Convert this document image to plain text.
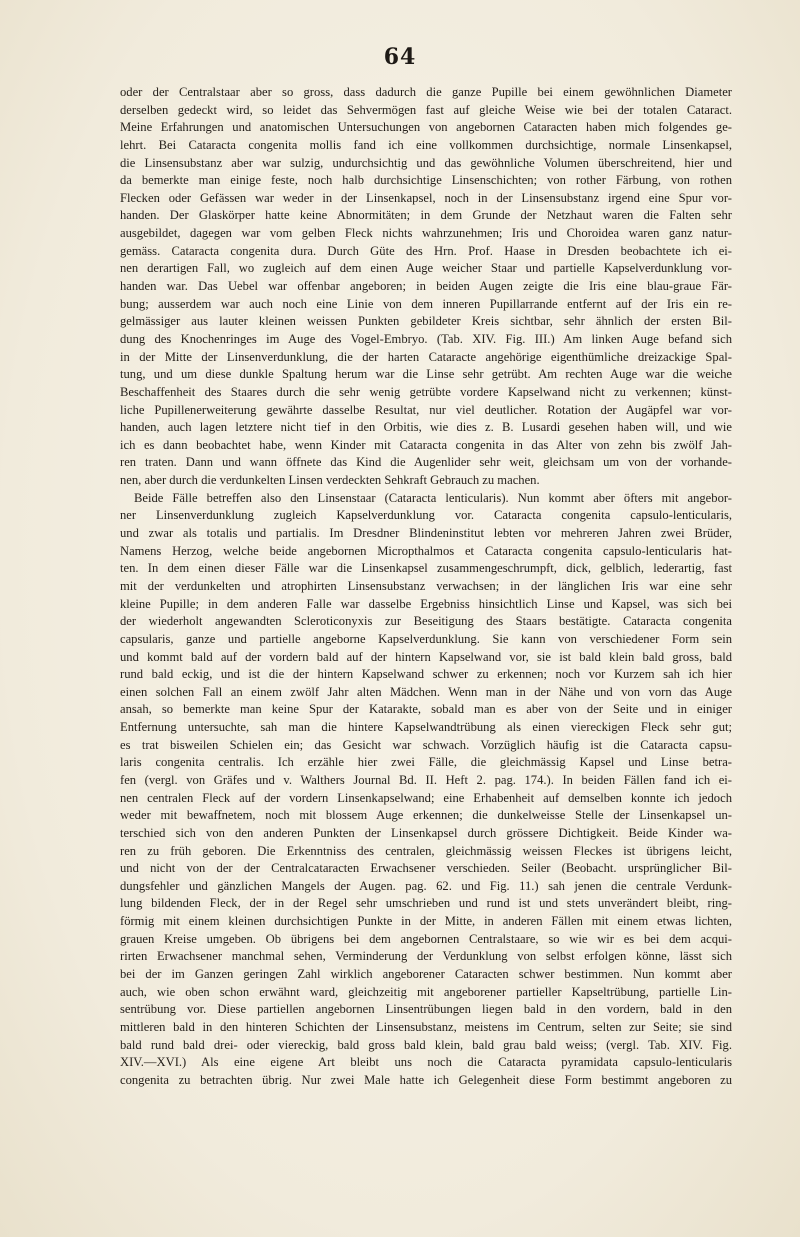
64
oder der Centralstaar aber so gross, dass dadurch die ganze Pupille bei einem gewöhnlichen Diameter
derselben gedeckt wird, so leidet das Sehvermögen fast auf gleiche Weise wie bei der totalen Cataract.
Meine Erfahrungen und anatomischen Untersuchungen von angebornen Cataracten haben mich folgendes ge-
lehrt. Bei Cataracta congenita mollis fand ich eine vollkommen durchsichtige, normale Linsenkapsel,
die Linsensubstanz aber war sulzig, undurchsichtig und das gewöhnliche Volumen überschreitend, hier und
da bemerkte man einige feste, noch halb durchsichtige Linsenschichten; von rother Färbung, von rothen
Flecken oder Gefässen war weder in der Linsenkapsel, noch in der Linsensubstanz irgend eine Spur vor-
handen. Der Glaskörper hatte keine Abnormitäten; in dem Grunde der Netzhaut waren die Falten sehr
ausgebildet, dagegen war vom gelben Fleck nichts wahrzunehmen; Iris und Choroidea waren ganz natur-
gemäss. Cataracta congenita dura. Durch Güte des Hrn. Prof. Haase in Dresden beobachtete ich ei-
nen derartigen Fall, wo zugleich auf dem einen Auge weicher Staar und partielle Kapselverdunklung vor-
handen war. Das Uebel war offenbar angeboren; in beiden Augen zeigte die Iris eine blau-graue Fär-
bung; ausserdem war auch noch eine Linie von dem inneren Pupillarrande entfernt auf der Iris ein re-
gelmässiger aus lauter kleinen weissen Punkten gebildeter Kreis sichtbar, sehr ähnlich der ersten Bil-
dung des Knochenringes im Auge des Vogel-Embryo. (Tab. XIV. Fig. III.) Am linken Auge befand sich
in der Mitte der Linsenverdunklung, die der harten Cataracte angehörige eigenthümliche dreizackige Spal-
tung, und um diese dunkle Spaltung herum war die Linse sehr getrübt. Am rechten Auge war die weiche
Beschaffenheit des Staares durch die sehr wenig getrübte vordere Kapselwand nicht zu verkennen; künst-
liche Pupillenerweiterung gewährte dasselbe Resultat, nur viel deutlicher. Rotation der Augäpfel war vor-
handen, auch lagen letztere nicht tief in den Orbitis, wie dies z. B. Lusardi gesehen haben will, und wie
ich es dann beobachtet habe, wenn Kinder mit Cataracta congenita in das Alter von zehn bis zwölf Jah-
ren traten. Dann und wann öffnete das Kind die Augenlider sehr weit, gleichsam um von der vorhande-
nen, aber durch die verdunkelten Linsen verdeckten Sehkraft Gebrauch zu machen.
Beide Fälle betreffen also den Linsenstaar (Cataracta lenticularis). Nun kommt aber öfters mit angebor-
ner Linsenverdunklung zugleich Kapselverdunklung vor. Cataracta congenita capsulo-lenticularis,
und zwar als totalis und partialis. Im Dresdner Blindeninstitut lebten vor mehreren Jahren zwei Brüder,
Namens Herzog, welche beide angebornen Micropthalmos et Cataracta congenita capsulo-lenticularis hat-
ten. In dem einen dieser Fälle war die Linsenkapsel zusammengeschrumpft, dick, gelblich, lederartig, fast
mit der verdunkelten und atrophirten Linsensubstanz verwachsen; in der länglichen Iris war eine sehr
kleine Pupille; in dem anderen Falle war dasselbe Ergebniss hinsichtlich Linse und Kapsel, was sich bei
der wiederholt angewandten Scleroticonyxis zur Beseitigung des Staars bestätigte. Cataracta congenita
capsularis, ganze und partielle angeborne Kapselverdunklung. Sie kann von verschiedener Form sein
und kommt bald auf der vordern bald auf der hintern Kapselwand vor, sie ist bald klein bald gross, bald
rund bald eckig, und ist die der hintern Kapselwand schwer zu erkennen; noch vor Kurzem sah ich hier
einen solchen Fall an einem zwölf Jahr alten Mädchen. Wenn man in der Nähe und von vorn das Auge
ansah, so bemerkte man keine Spur der Katarakte, sobald man es aber von der Seite und in einiger
Entfernung untersuchte, sah man die hintere Kapselwandtrübung als einen viereckigen Fleck sehr gut;
es trat bisweilen Schielen ein; das Gesicht war schwach. Vorzüglich häufig ist die Cataracta capsu-
laris congenita centralis. Ich erzähle hier zwei Fälle, die gleichmässig Kapsel und Linse betra-
fen (vergl. von Gräfes und v. Walthers Journal Bd. II. Heft 2. pag. 174.). In beiden Fällen fand ich ei-
nen centralen Fleck auf der vordern Linsenkapselwand; eine Erhabenheit auf demselben konnte ich jedoch
weder mit bewaffnetem, noch mit blossem Auge erkennen; die dunkelweisse Stelle der Linsenkapsel un-
terschied sich von den anderen Punkten der Linsenkapsel durch grössere Dichtigkeit. Beide Kinder wa-
ren zu früh geboren. Die Erkenntniss des centralen, gleichmässig weissen Fleckes ist übrigens leicht,
und nicht von der der Centralcataracten Erwachsener verschieden. Seiler (Beobacht. ursprünglicher Bil-
dungsfehler und gänzlichen Mangels der Augen. pag. 62. und Fig. 11.) sah jenen die centrale Verdunk-
lung bildenden Fleck, der in der Regel sehr umschrieben und rund ist und stets unverändert bleibt, ring-
förmig mit einem kleinen durchsichtigen Punkte in der Mitte, in anderen Fällen mit einem etwas lichten,
grauen Kreise umgeben. Ob übrigens bei dem angebornen Centralstaare, so wie wir es bei dem acqui-
rirten Erwachsener manchmal sehen, Verminderung der Verdunklung von selbst erfolgen könne, lässt sich
bei der im Ganzen geringen Zahl wirklich angeborener Cataracten schwer bestimmen. Nun kommt aber
auch, wie oben schon erwähnt ward, gleichzeitig mit angeborener partieller Kapseltrübung, partielle Lin-
sentrübung vor. Diese partiellen angebornen Linsentrübungen liegen bald in den vordern, bald in den
mittleren bald in den hinteren Schichten der Linsensubstanz, meistens im Centrum, selten zur Seite; sie sind
bald rund bald drei- oder viereckig, bald gross bald klein, bald grau bald weiss; (vergl. Tab. XIV. Fig.
XIV.—XVI.) Als eine eigene Art bleibt uns noch die Cataracta pyramidata capsulo-lenticularis
congenita zu betrachten übrig. Nur zwei Male hatte ich Gelegenheit diese Form bestimmt angeboren zu
